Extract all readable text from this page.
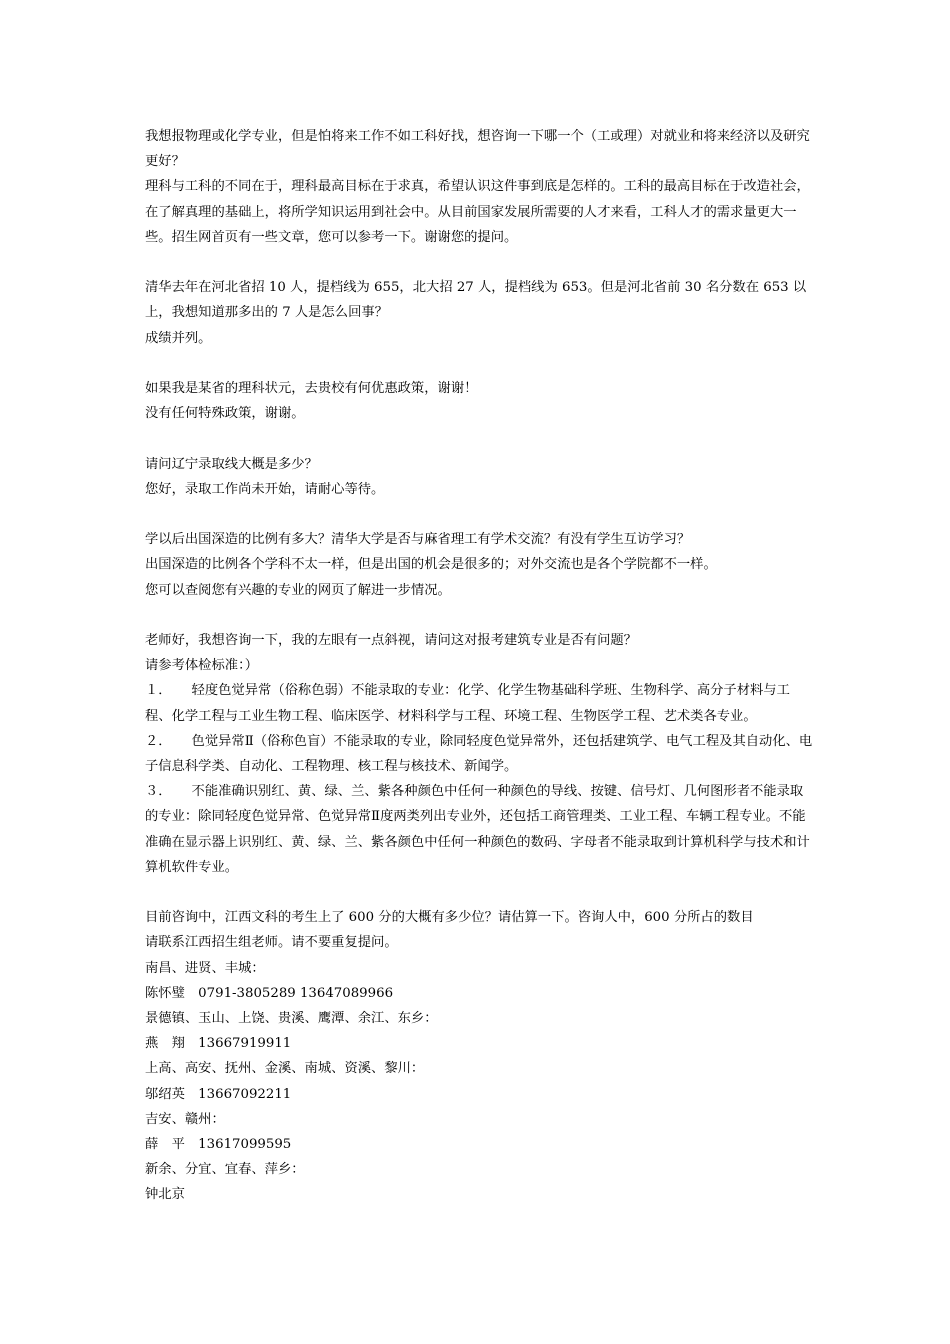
我想报物理或化学专业，但是怕将来工作不如工科好找，想咨询一下哪一个（工或理）对就业和将来经济以及研究更好？

理科与工科的不同在于，理科最高目标在于求真，希望认识这件事到底是怎样的。工科的最高目标在于改造社会，在了解真理的基础上，将所学知识运用到社会中。从目前国家发展所需要的人才来看，工科人才的需求量更大一些。招生网首页有一些文章，您可以参考一下。谢谢您的提问。

清华去年在河北省招 10 人，提档线为 655，北大招 27 人，提档线为 653。但是河北省前 30 名分数在 653 以上，我想知道那多出的 7 人是怎么回事？

成绩并列。

如果我是某省的理科状元，去贵校有何优惠政策，谢谢！

没有任何特殊政策，谢谢。

请问辽宁录取线大概是多少？

您好，录取工作尚未开始，请耐心等待。

学以后出国深造的比例有多大？清华大学是否与麻省理工有学术交流？有没有学生互访学习？

出国深造的比例各个学科不太一样，但是出国的机会是很多的；对外交流也是各个学院都不一样。

您可以查阅您有兴趣的专业的网页了解进一步情况。

老师好，我想咨询一下，我的左眼有一点斜视，请问这对报考建筑专业是否有问题？

请参考体检标准：）

１．　　轻度色觉异常（俗称色弱）不能录取的专业：化学、化学生物基础科学班、生物科学、高分子材料与工程、化学工程与工业生物工程、临床医学、材料科学与工程、环境工程、生物医学工程、艺术类各专业。

２．　　色觉异常Ⅱ（俗称色盲）不能录取的专业，除同轻度色觉异常外，还包括建筑学、电气工程及其自动化、电子信息科学类、自动化、工程物理、核工程与核技术、新闻学。

３．　　不能准确识别红、黄、绿、兰、紫各种颜色中任何一种颜色的导线、按键、信号灯、几何图形者不能录取的专业：除同轻度色觉异常、色觉异常Ⅱ度两类列出专业外，还包括工商管理类、工业工程、车辆工程专业。不能准确在显示器上识别红、黄、绿、兰、紫各颜色中任何一种颜色的数码、字母者不能录取到计算机科学与技术和计算机软件专业。

目前咨询中，江西文科的考生上了 600 分的大概有多少位？请估算一下。咨询人中，600 分所占的数目

请联系江西招生组老师。请不要重复提问。

南昌、进贤、丰城：

陈怀璧　0791-3805289 13647089966

景德镇、玉山、上饶、贵溪、鹰潭、余江、东乡：

燕　翔　13667919911

上高、高安、抚州、金溪、南城、资溪、黎川：

邬绍英　13667092211

吉安、赣州：

薛　平　13617099595

新余、分宜、宜春、萍乡：

钟北京
